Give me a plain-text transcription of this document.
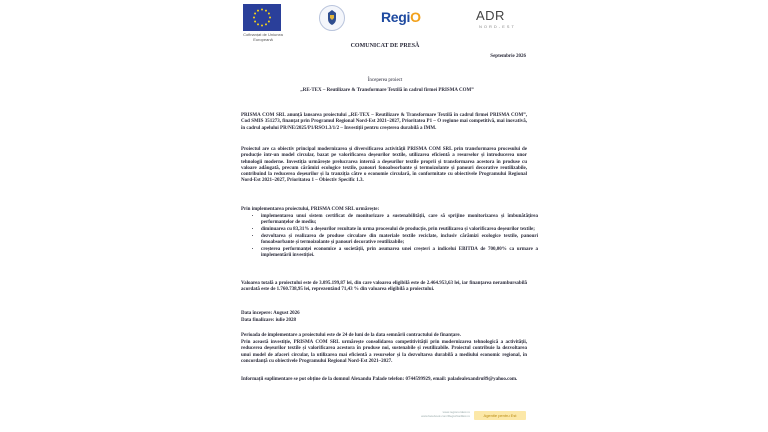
Cofinanțat de Uniunea Europeană
RegiO	ADR
NORD-EST

COMUNICAT DE PRESĂ

Septembrie 2026

Începerea proiect

„RE-TEX – Reutilizare & Transformare Textilă în cadrul firmei PRISMA COM”

PRISMA COM SRL anunță lansarea proiectului „RE-TEX – Reutilizare & Transformare Textilă în cadrul firmei PRISMA COM”, Cod SMIS 351273, finanțat prin Programul Regional Nord-Est 2021–2027, Prioritatea P1 – O regiune mai competitivă, mai inovativă, în cadrul apelului PR/NE/2025/P1/RSO1.3/1/2 – Investiții pentru creșterea durabilă a IMM.

Proiectul are ca obiectiv principal modernizarea și diversificarea activității PRISMA COM SRL prin transformarea procesului de producție într-un model circular, bazat pe valorificarea deșeurilor textile, utilizarea eficientă a resurselor și introducerea unor tehnologii moderne. Investiția urmărește prelucrarea internă a deșeurilor textile proprii și transformarea acestora în produse cu valoare adăugată, precum cărămizi ecologice textile, panouri fonoabsorbante și termoizolante și panouri decorative reutilizabile, contribuind la reducerea deșeurilor și la tranziția către o economie circulară, în conformitate cu obiectivele Programului Regional Nord-Est 2021–2027, Prioritatea 1 – Obiectiv Specific 1.3.

Prin implementarea proiectului, PRISMA COM SRL urmărește:

• implementarea unui sistem certificat de monitorizare a sustenabilității, care să sprijine monitorizarea și îmbunătățirea performanțelor de mediu;
• diminuarea cu 83,31% a deșeurilor rezultate în urma procesului de producție, prin reutilizarea și valorificarea deșeurilor textile;
• dezvoltarea și realizarea de produse circulare din materiale textile reciclate, inclusiv cărămizi ecologice textile, panouri fonoabsorbante și termoizolante și panouri decorative reutilizabile;
• creșterea performanței economice a societății, prin asumarea unei creșteri a indicelui EBITDA de 700,00% ca urmare a implementării investiției.

Valoarea totală a proiectului este de 3.095.199,87 lei, din care valoarea eligibilă este de 2.464.953,63 lei, iar finanțarea nerambursabilă acordată este de 1.760.738,95 lei, reprezentând 71,43 % din valoarea eligibilă a proiectului.

Data începere: August 2026

Data finalizare: iulie 2028

Perioada de implementare a proiectului este de 24 de luni de la data semnării contractului de finanțare.

Prin această investiție, PRISMA COM SRL urmărește consolidarea competitivității prin modernizarea tehnologică a activității, reducerea deșeurilor textile și valorificarea acestora în produse noi, sustenabile și reutilizabile. Proiectul contribuie la dezvoltarea unui model de afaceri circular, la utilizarea mai eficientă a resurselor și la dezvoltarea durabilă a mediului economic regional, în concordanță cu obiectivele Programului Regional Nord-Est 2021–2027.

Informații suplimentare se pot obține de la domnul Alexandu Palade telefon: 0744599929, email: paladealexandru89@yahoo.com.

www.regionordest.ro
www.facebook.com/RegioNordEst.ro	Agentie pentru Est
